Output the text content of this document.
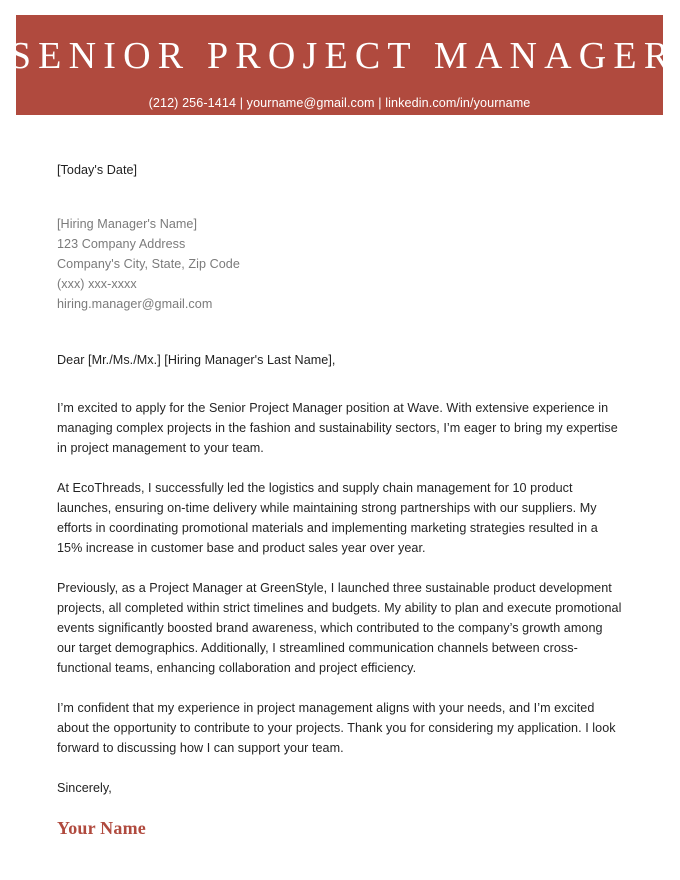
SENIOR PROJECT MANAGER
(212) 256-1414 | yourname@gmail.com | linkedin.com/in/yourname
[Today's Date]
[Hiring Manager's Name]
123 Company Address
Company's City, State, Zip Code
(xxx) xxx-xxxx
hiring.manager@gmail.com
Dear [Mr./Ms./Mx.] [Hiring Manager's Last Name],

I’m excited to apply for the Senior Project Manager position at Wave. With extensive experience in managing complex projects in the fashion and sustainability sectors, I’m eager to bring my expertise in project management to your team.

At EcoThreads, I successfully led the logistics and supply chain management for 10 product launches, ensuring on-time delivery while maintaining strong partnerships with our suppliers. My efforts in coordinating promotional materials and implementing marketing strategies resulted in a 15% increase in customer base and product sales year over year.

Previously, as a Project Manager at GreenStyle, I launched three sustainable product development projects, all completed within strict timelines and budgets. My ability to plan and execute promotional events significantly boosted brand awareness, which contributed to the company’s growth among our target demographics. Additionally, I streamlined communication channels between cross-functional teams, enhancing collaboration and project efficiency.

I’m confident that my experience in project management aligns with your needs, and I’m excited about the opportunity to contribute to your projects. Thank you for considering my application. I look forward to discussing how I can support your team.

Sincerely,
Your Name
